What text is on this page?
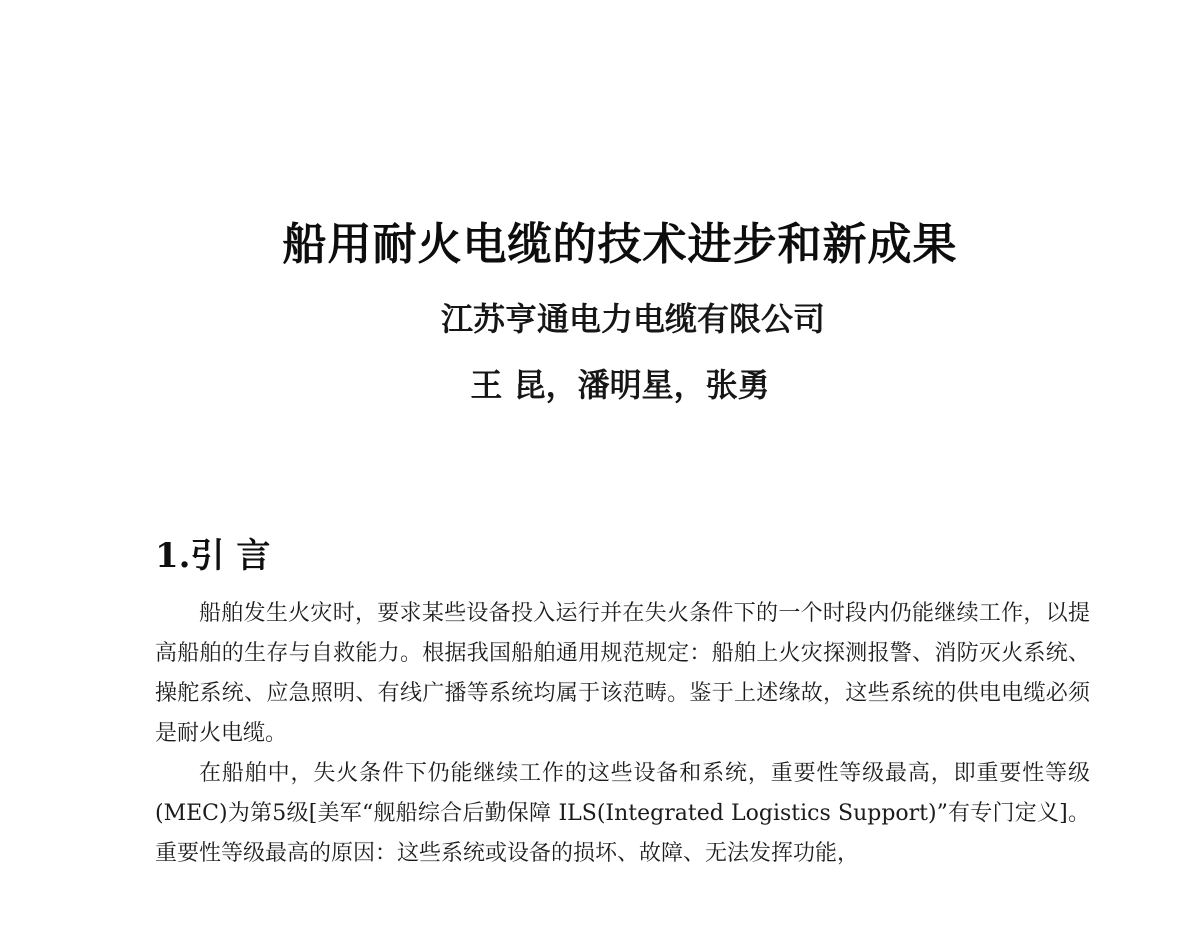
船用耐火电缆的技术进步和新成果
江苏亨通电力电缆有限公司
王 昆，潘明星，张勇
1.引 言

船舶发生火灾时，要求某些设备投入运行并在失火条件下的一个时段内仍能继续工作，以提高船舶的生存与自救能力。根据我国船舶通用规范规定：船舶上火灾探测报警、消防灭火系统、操舵系统、应急照明、有线广播等系统均属于该范畴。鉴于上述缘故，这些系统的供电电缆必须是耐火电缆。

在船舶中，失火条件下仍能继续工作的这些设备和系统，重要性等级最高，即重要性等级(MEC)为第5级[美军“舰船综合后勤保障 ILS(Integrated Logistics Support)”有专门定义]。重要性等级最高的原因：这些系统或设备的损坏、故障、无法发挥功能，
